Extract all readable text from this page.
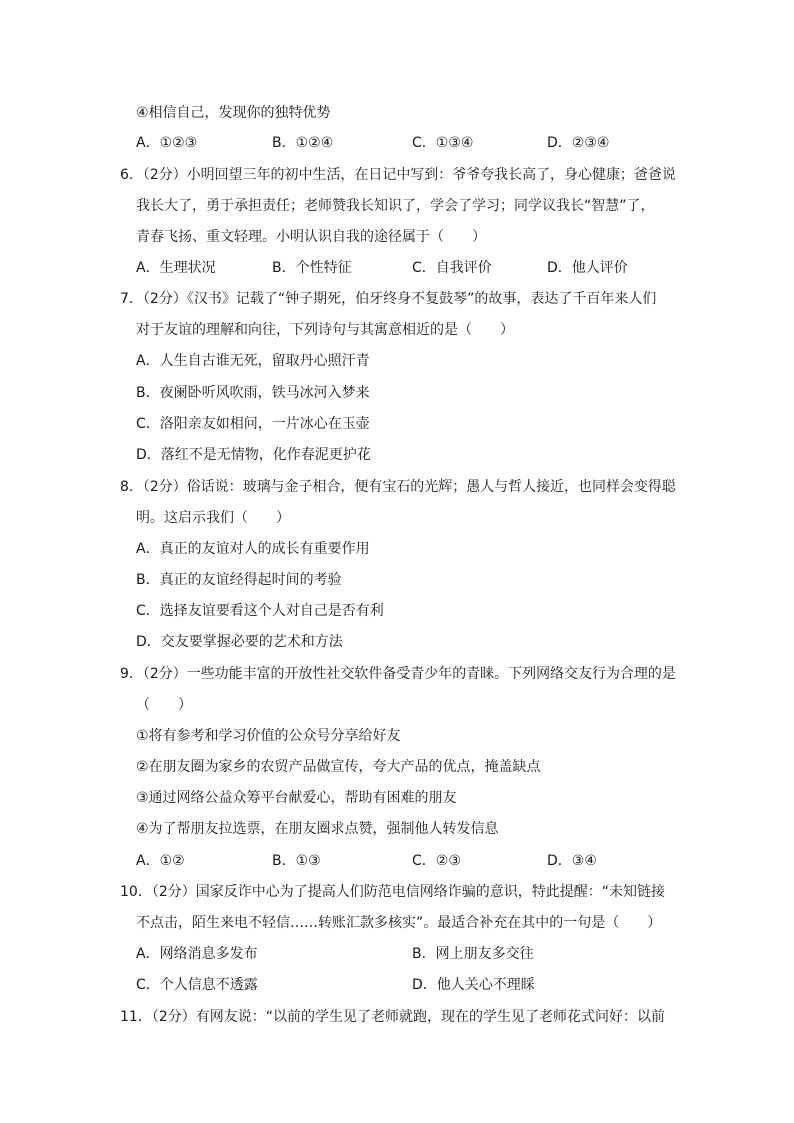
④相信自己，发现你的独特优势
A．①②③	B．①②④	C．①③④	D．②③④
6．（2分）小明回望三年的初中生活，在日记中写到：爷爷夸我长高了，身心健康；爸爸说
我长大了，勇于承担责任；老师赞我长知识了，学会了学习；同学议我长“智慧”了，
青春飞扬、重文轻理。小明认识自我的途径属于（　　）
A．生理状况	B．个性特征	C．自我评价	D．他人评价
7．（2分）《汉书》记载了“钟子期死，伯牙终身不复鼓琴”的故事，表达了千百年来人们
对于友谊的理解和向往，下列诗句与其寓意相近的是（　　）
A．人生自古谁无死，留取丹心照汗青
B．夜阑卧听风吹雨，铁马冰河入梦来
C．洛阳亲友如相问，一片冰心在玉壶
D．落红不是无情物，化作春泥更护花
8．（2分）俗话说：玻璃与金子相合，便有宝石的光辉；愚人与哲人接近，也同样会变得聪
明。这启示我们（　　）
A．真正的友谊对人的成长有重要作用
B．真正的友谊经得起时间的考验
C．选择友谊要看这个人对自己是否有利
D．交友要掌握必要的艺术和方法
9．（2分）一些功能丰富的开放性社交软件备受青少年的青睐。下列网络交友行为合理的是
（　　）
①将有参考和学习价值的公众号分享给好友
②在朋友圈为家乡的农贸产品做宣传，夸大产品的优点，掩盖缺点
③通过网络公益众筹平台献爱心，帮助有困难的朋友
④为了帮朋友拉选票，在朋友圈求点赞，强制他人转发信息
A．①②	B．①③	C．②③	D．③④
10．（2分）国家反诈中心为了提高人们防范电信网络诈骗的意识，特此提醒：“未知链接
不点击，陌生来电不轻信……转账汇款多核实”。最适合补充在其中的一句是（　　）
A．网络消息多发布	B．网上朋友多交往
C．个人信息不透露	D．他人关心不理睬
11．（2分）有网友说：“以前的学生见了老师就跑，现在的学生见了老师花式问好：以前
